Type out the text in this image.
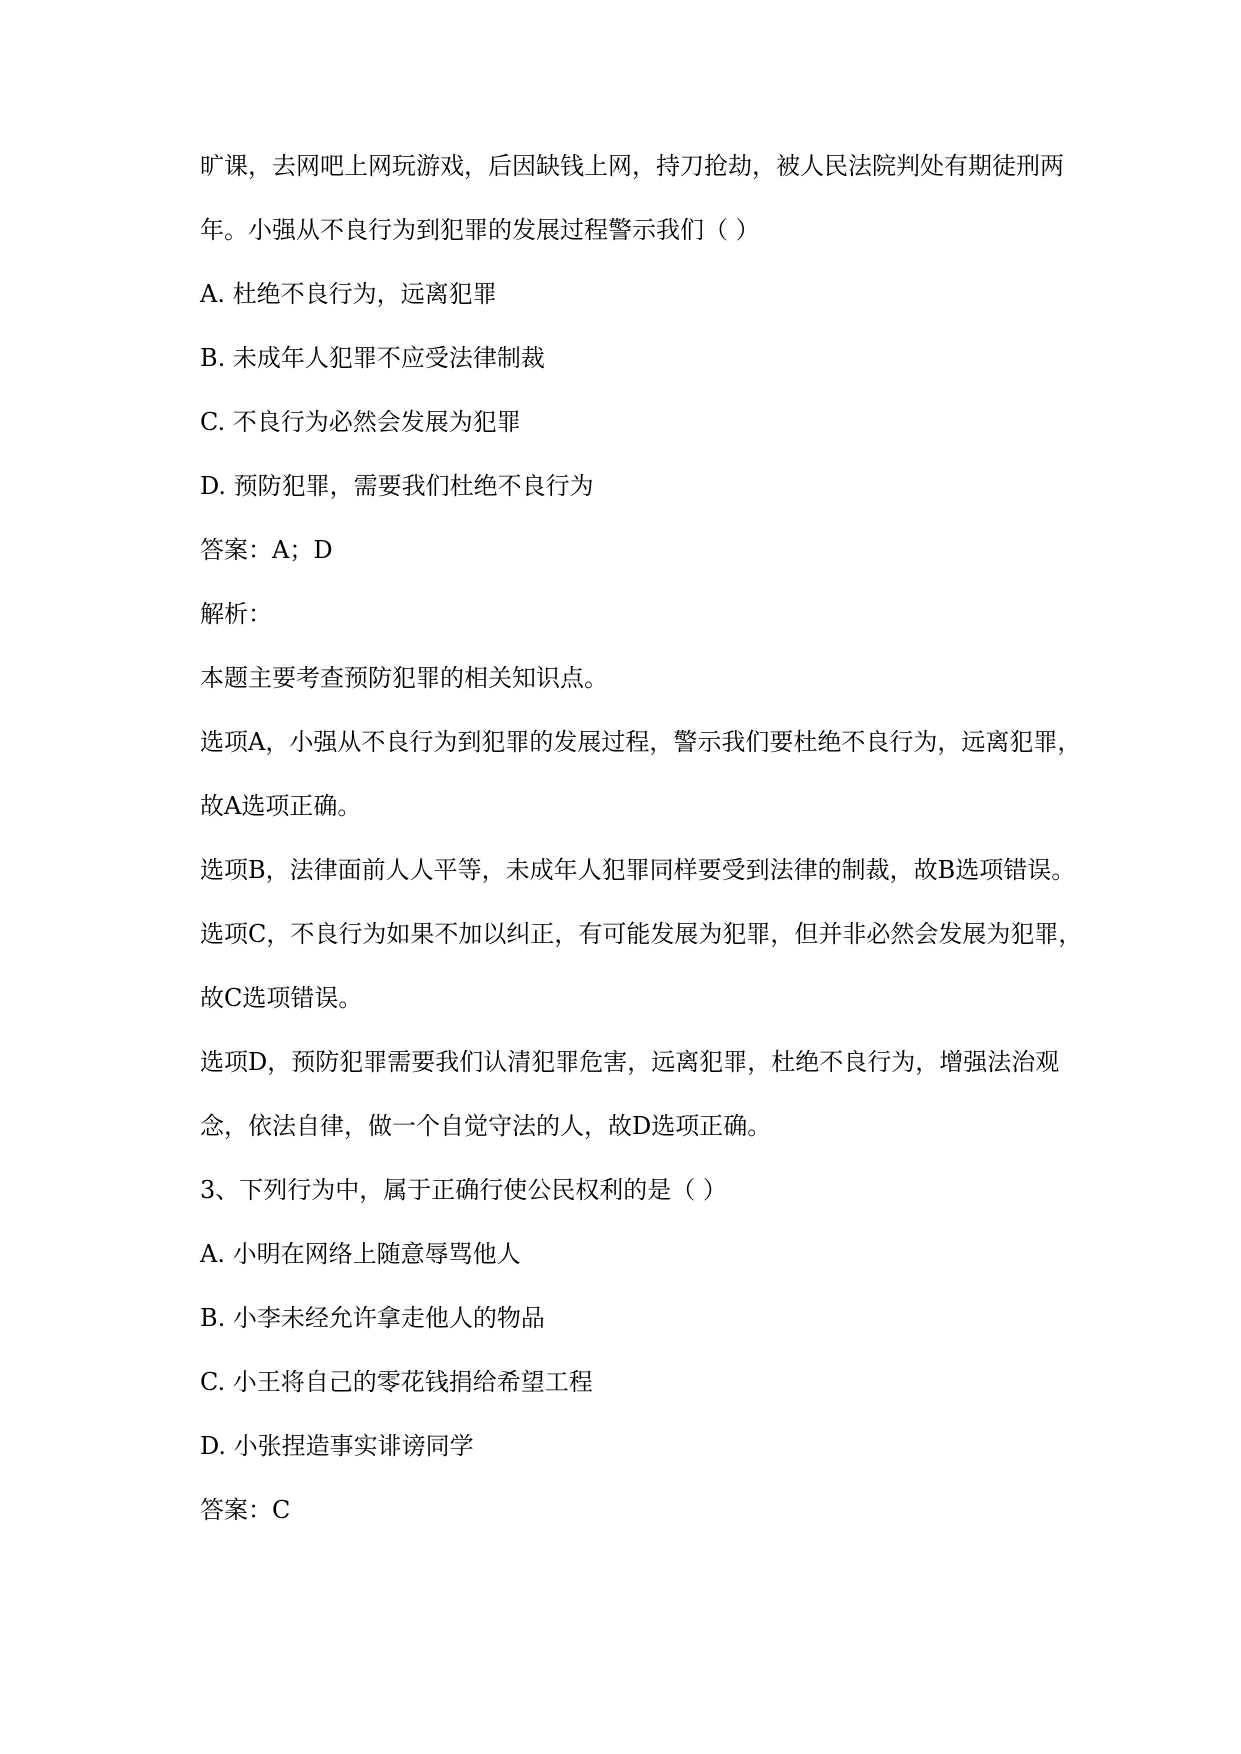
旷课，去网吧上网玩游戏，后因缺钱上网，持刀抢劫，被人民法院判处有期徒刑两
年。小强从不良行为到犯罪的发展过程警示我们（ ）
A. 杜绝不良行为，远离犯罪
B. 未成年人犯罪不应受法律制裁
C. 不良行为必然会发展为犯罪
D. 预防犯罪，需要我们杜绝不良行为
答案：A；D
解析：
本题主要考查预防犯罪的相关知识点。
选项A，小强从不良行为到犯罪的发展过程，警示我们要杜绝不良行为，远离犯罪，
故A选项正确。
选项B，法律面前人人平等，未成年人犯罪同样要受到法律的制裁，故B选项错误。
选项C，不良行为如果不加以纠正，有可能发展为犯罪，但并非必然会发展为犯罪，
故C选项错误。
选项D，预防犯罪需要我们认清犯罪危害，远离犯罪，杜绝不良行为，增强法治观
念，依法自律，做一个自觉守法的人，故D选项正确。
3、下列行为中，属于正确行使公民权利的是（ ）
A. 小明在网络上随意辱骂他人
B. 小李未经允许拿走他人的物品
C. 小王将自己的零花钱捐给希望工程
D. 小张捏造事实诽谤同学
答案：C
